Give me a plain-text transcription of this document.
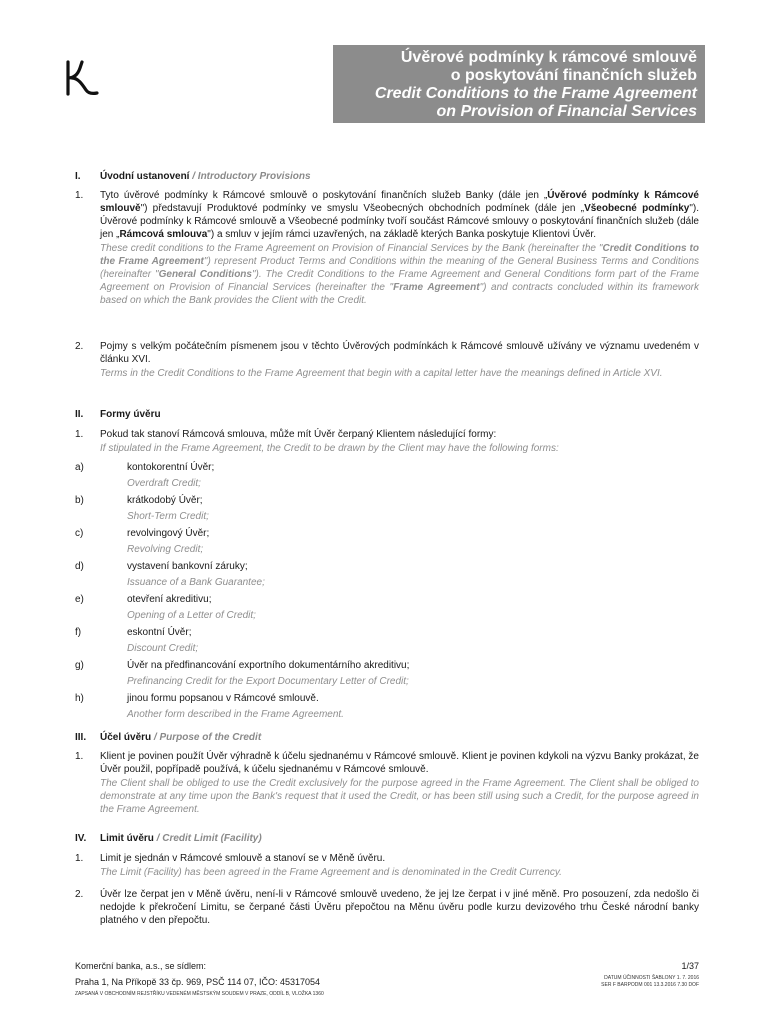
Úvěrové podmínky k rámcové smlouvě
o poskytování finančních služeb
Credit Conditions to the Frame Agreement
on Provision of Financial Services
I.	Úvodní ustanovení / Introductory Provisions
1.	Tyto úvěrové podmínky k Rámcové smlouvě o poskytování finančních služeb Banky (dále jen „Úvěrové podmínky k Rámcové smlouvě") představují Produktové podmínky ve smyslu Všeobecných obchodních podmínek (dále jen „Všeobecné podmínky"). Úvěrové podmínky k Rámcové smlouvě a Všeobecné podmínky tvoří součást Rámcové smlouvy o poskytování finančních služeb (dále jen „Rámcová smlouva") a smluv v jejím rámci uzavřených, na základě kterých Banka poskytuje Klientovi Úvěr.
These credit conditions to the Frame Agreement on Provision of Financial Services by the Bank (hereinafter the "Credit Conditions to the Frame Agreement") represent Product Terms and Conditions within the meaning of the General Business Terms and Conditions (hereinafter "General Conditions"). The Credit Conditions to the Frame Agreement and General Conditions form part of the Frame Agreement on Provision of Financial Services (hereinafter the "Frame Agreement") and contracts concluded within its framework based on which the Bank provides the Client with the Credit.
2.	Pojmy s velkým počátečním písmenem jsou v těchto Úvěrových podmínkách k Rámcové smlouvě užívány ve významu uvedeném v článku XVI.
Terms in the Credit Conditions to the Frame Agreement that begin with a capital letter have the meanings defined in Article XVI.
II.	Formy úvěru
1.	Pokud tak stanoví Rámcová smlouva, může mít Úvěr čerpaný Klientem následující formy:
If stipulated in the Frame Agreement, the Credit to be drawn by the Client may have the following forms:
a)	kontokorentní Úvěr;
Overdraft Credit;
b)	krátkodobý Úvěr;
Short-Term Credit;
c)	revolvingový Úvěr;
Revolving Credit;
d)	vystavení bankovní záruky;
Issuance of a Bank Guarantee;
e)	otevření akreditivu;
Opening of a Letter of Credit;
f)	eskontní Úvěr;
Discount Credit;
g)	Úvěr na předfinancování exportního dokumentárního akreditivu;
Prefinancing Credit for the Export Documentary Letter of Credit;
h)	jinou formu popsanou v Rámcové smlouvě.
Another form described in the Frame Agreement.
III.	Účel úvěru / Purpose of the Credit
1.	Klient je povinen použít Úvěr výhradně k účelu sjednanému v Rámcové smlouvě. Klient je povinen kdykoli na výzvu Banky prokázat, že Úvěr použil, popřípadě používá, k účelu sjednanému v Rámcové smlouvě.
The Client shall be obliged to use the Credit exclusively for the purpose agreed in the Frame Agreement. The Client shall be obliged to demonstrate at any time upon the Bank's request that it used the Credit, or has been still using such a Credit, for the purpose agreed in the Frame Agreement.
IV.	Limit úvěru / Credit Limit (Facility)
1.	Limit je sjednán v Rámcové smlouvě a stanoví se v Měně úvěru.
The Limit (Facility) has been agreed in the Frame Agreement and is denominated in the Credit Currency.
2.	Úvěr lze čerpat jen v Měně úvěru, není-li v Rámcové smlouvě uvedeno, že jej lze čerpat i v jiné měně. Pro posouzení, zda nedošlo či nedojde k překročení Limitu, se čerpané části Úvěru přepočtou na Měnu úvěru podle kurzu devizového trhu České národní banky platného v den přepočtu.
Komerční banka, a.s., se sídlem:
Praha 1, Na Příkopě 33 čp. 969, PSČ 114 07, IČO: 45317054
ZAPSANÁ V OBCHODNÍM REJSTŘÍKU VEDENÉM MĚSTSKÝM SOUDEM V PRAZE, ODDÍL B, VLOŽKA 1360
1/37
DATUM ÚČINNOSTI ŠABLONY 1. 7. 2016
SER F BARPODM 001 13.3.2016 7.30 DOF
